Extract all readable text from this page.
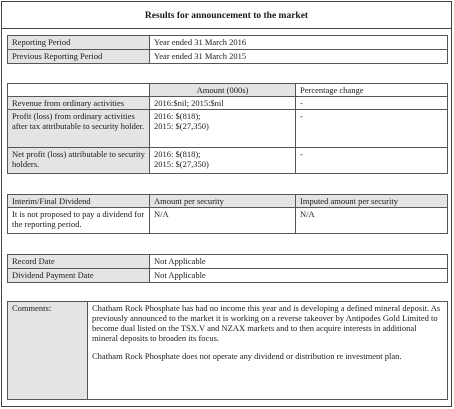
Results for announcement to the market
Reporting Period	Year ended 31 March 2016
Previous Reporting Period	Year ended 31 March 2015
	Amount (000s)	Percentage change
Revenue from ordinary activities	2016:$nil; 2015:$nil	-
Profit (loss) from ordinary activities after tax attributable to security holder.	2016: $(818);
2015: $(27,350)	-
Net profit (loss) attributable to security holders.	2016: $(818);
2015: $(27,350)	-
Interim/Final Dividend	Amount per security	Imputed amount per security
It is not proposed to pay a dividend for the reporting period.	N/A	N/A
Record Date	Not Applicable
Dividend Payment Date	Not Applicable
Comments:	Chatham Rock Phosphate has had no income this year and is developing a defined mineral deposit. As previously announced to the market it is working on a reverse takeover by Antipodes Gold Limited to become dual listed on the TSX.V and NZAX markets and to then acquire interests in additional mineral deposits to broaden its focus.
Chatham Rock Phosphate does not operate any dividend or distribution re investment plan.
